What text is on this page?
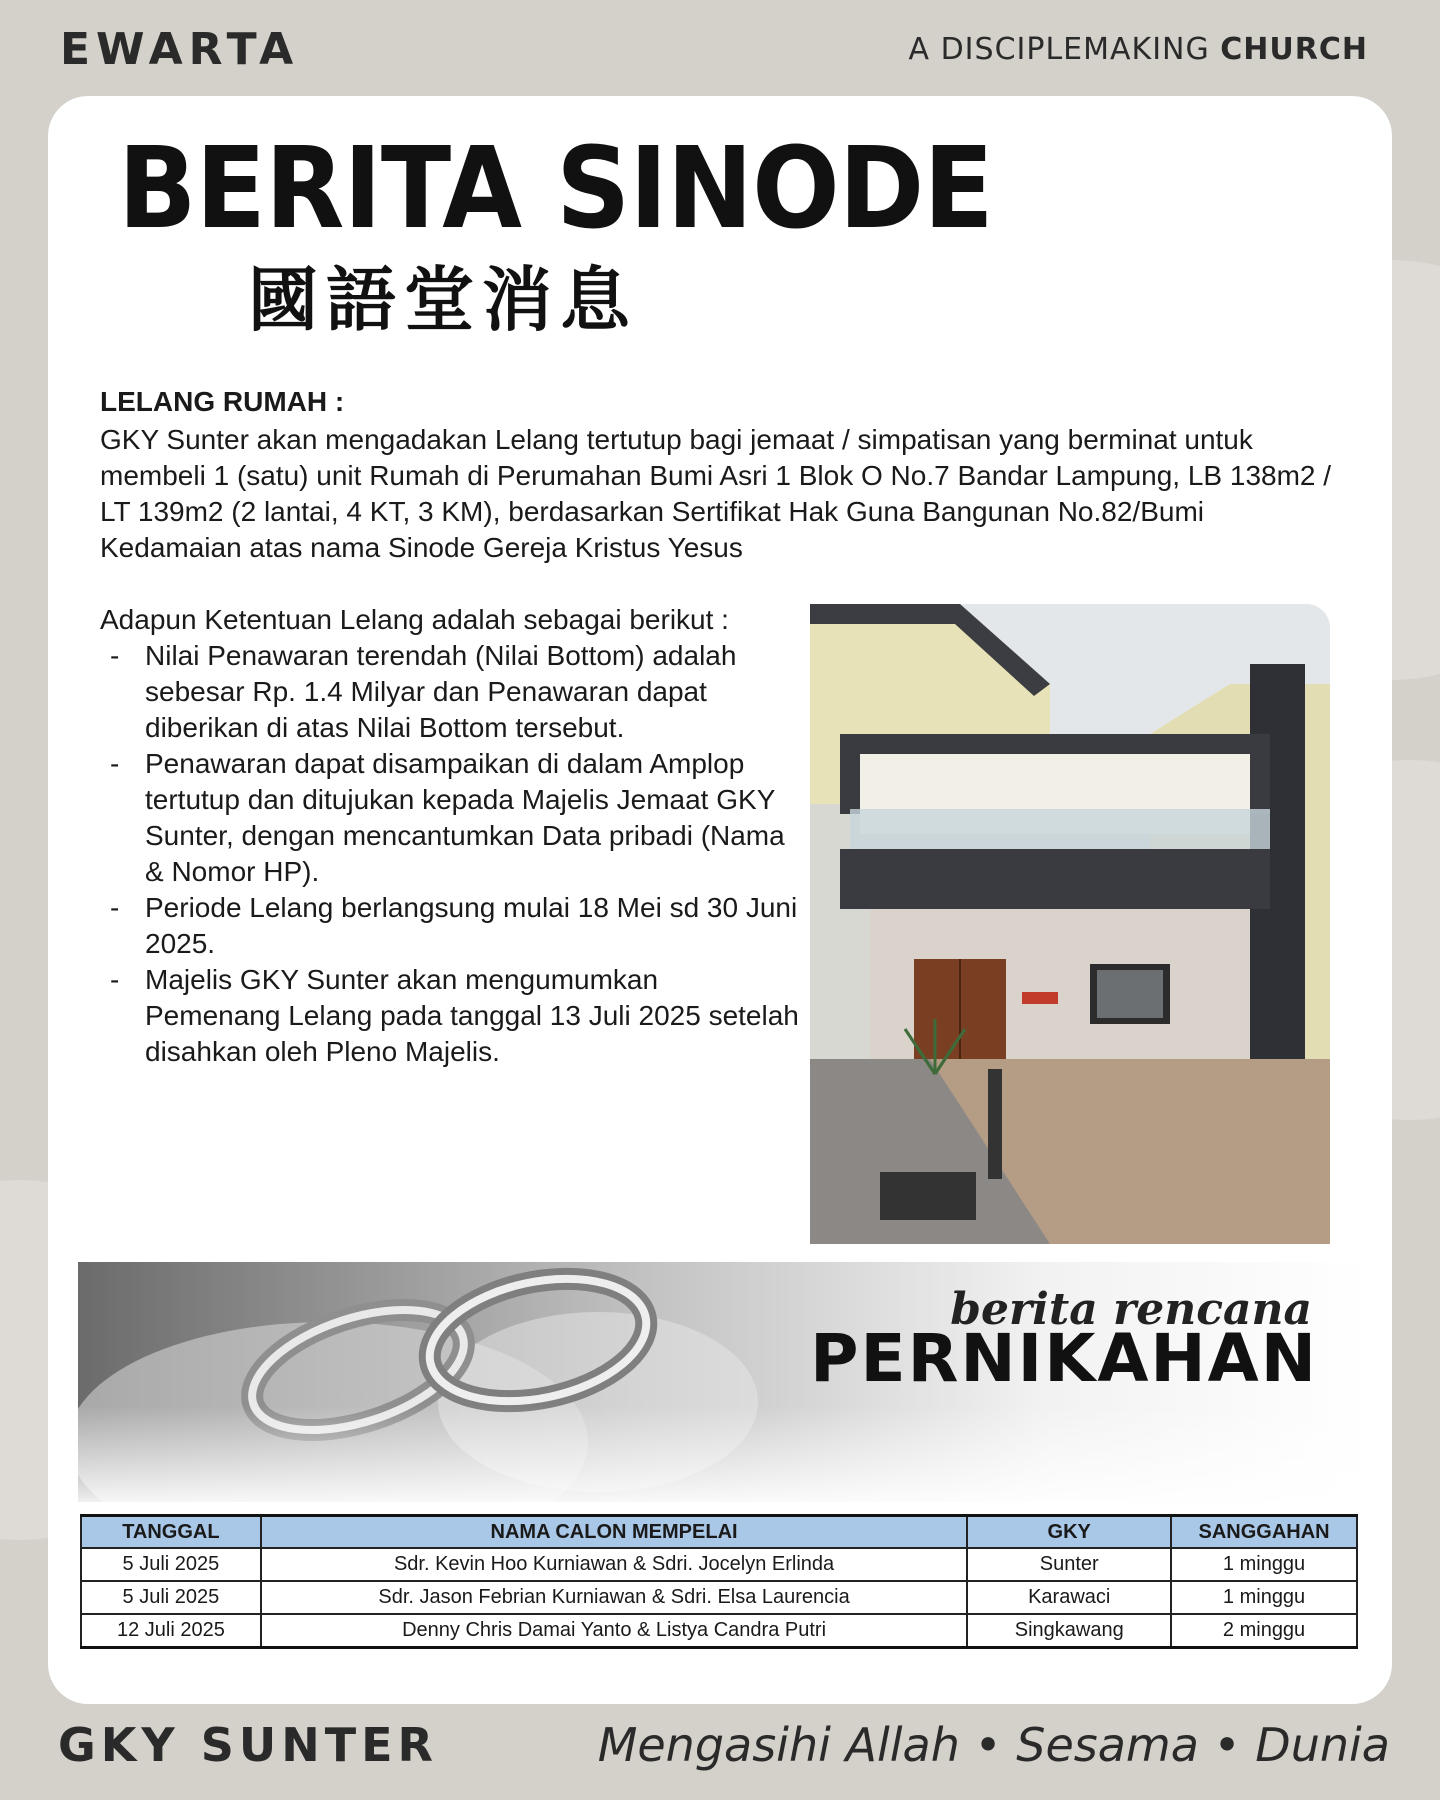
EWARTA	A DISCIPLEMAKING CHURCH
BERITA SINODE
國語堂消息
LELANG RUMAH :
GKY Sunter akan mengadakan Lelang tertutup bagi jemaat / simpatisan yang berminat untuk membeli 1 (satu) unit Rumah di Perumahan Bumi Asri 1 Blok O No.7 Bandar Lampung, LB 138m2 / LT 139m2 (2 lantai, 4 KT, 3 KM), berdasarkan Sertifikat Hak Guna Bangunan No.82/Bumi Kedamaian atas nama Sinode Gereja Kristus Yesus
Adapun Ketentuan Lelang adalah sebagai berikut :
- Nilai Penawaran terendah (Nilai Bottom) adalah sebesar Rp. 1.4 Milyar dan Penawaran dapat diberikan di atas Nilai Bottom tersebut.
- Penawaran dapat disampaikan di dalam Amplop tertutup dan ditujukan kepada Majelis Jemaat GKY Sunter, dengan mencantumkan Data pribadi (Nama & Nomor HP).
- Periode Lelang berlangsung mulai 18 Mei sd 30 Juni 2025.
- Majelis GKY Sunter akan mengumumkan Pemenang Lelang pada tanggal 13 Juli 2025 setelah disahkan oleh Pleno Majelis.
berita rencana
PERNIKAHAN
TANGGAL	NAMA CALON MEMPELAI	GKY	SANGGAHAN
5 Juli 2025	Sdr. Kevin Hoo Kurniawan & Sdri. Jocelyn Erlinda	Sunter	1 minggu
5 Juli 2025	Sdr. Jason Febrian Kurniawan & Sdri. Elsa Laurencia	Karawaci	1 minggu
12 Juli 2025	Denny Chris Damai Yanto & Listya Candra Putri	Singkawang	2 minggu
GKY SUNTER	Mengasihi Allah • Sesama • Dunia
